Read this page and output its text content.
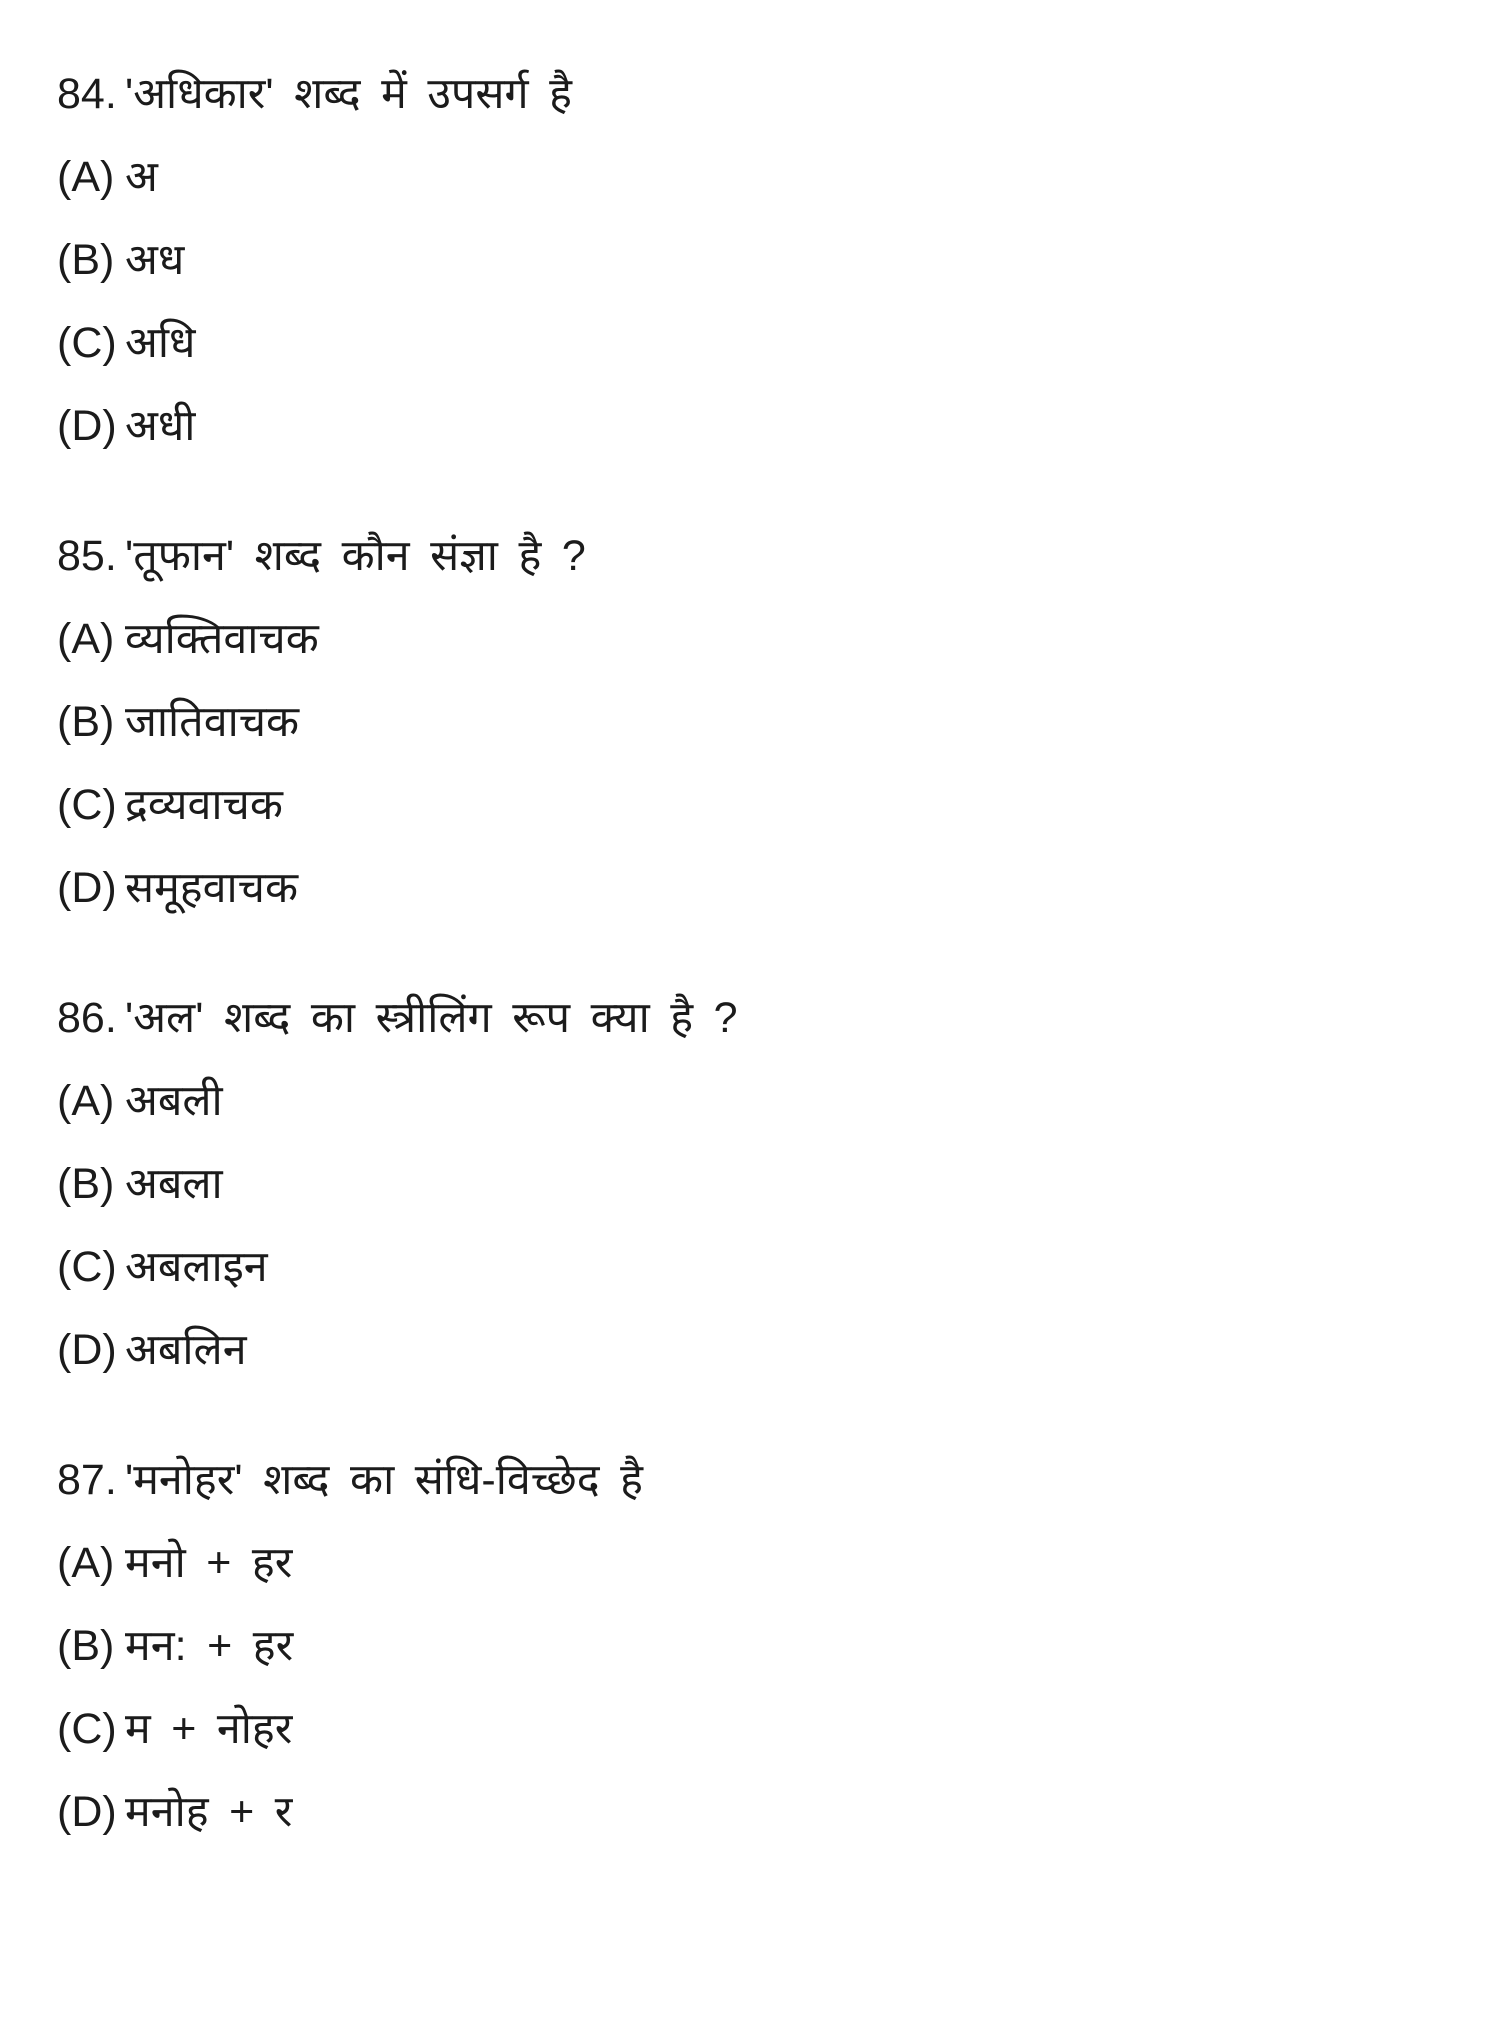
84. 'अधिकार' शब्द में उपसर्ग है
(A) अ
(B) अध
(C) अधि
(D) अधी
85. 'तूफान' शब्द कौन संज्ञा है ?
(A) व्यक्तिवाचक
(B) जातिवाचक
(C) द्रव्यवाचक
(D) समूहवाचक
86. 'अल' शब्द का स्त्रीलिंग रूप क्या है ?
(A) अबली
(B) अबला
(C) अबलाइन
(D) अबलिन
87. 'मनोहर' शब्द का संधि-विच्छेद है
(A) मनो + हर
(B) मन: + हर
(C) म + नोहर
(D) मनोह + र
